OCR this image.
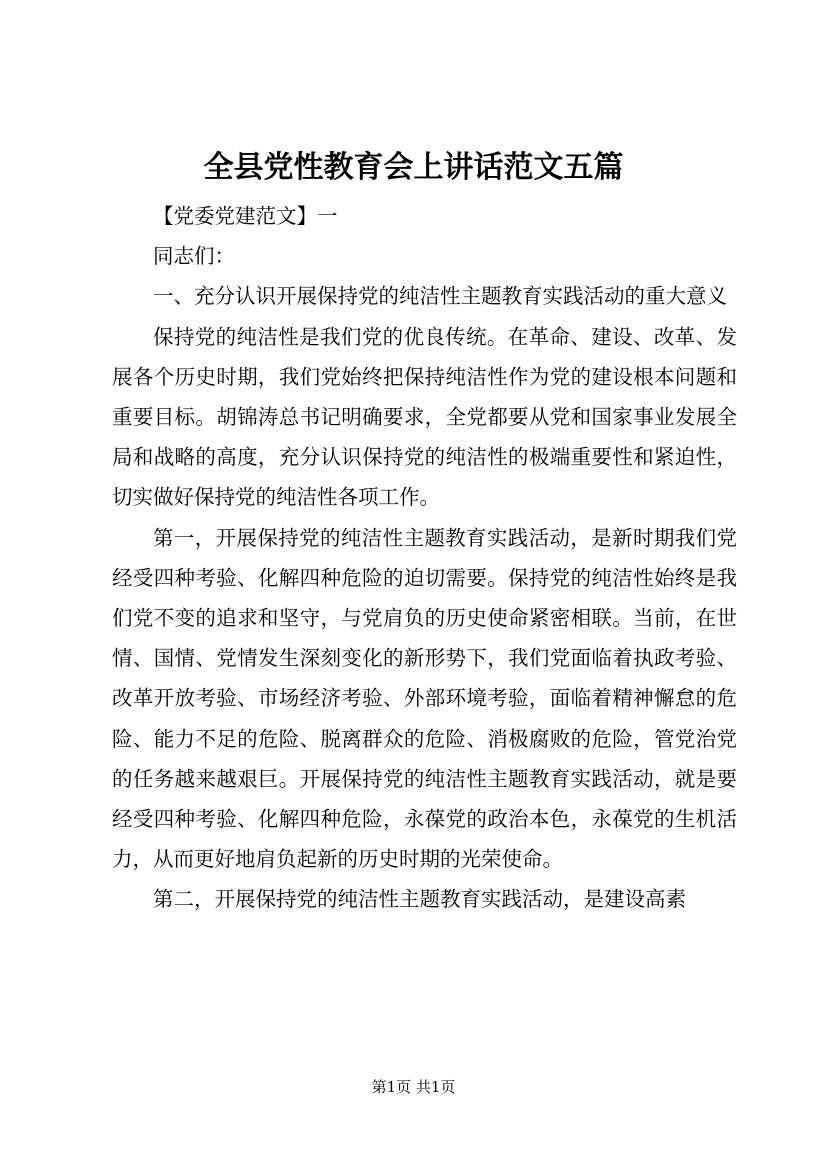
全县党性教育会上讲话范文五篇

【党委党建范文】一

同志们：

一、充分认识开展保持党的纯洁性主题教育实践活动的重大意义

保持党的纯洁性是我们党的优良传统。在革命、建设、改革、发展各个历史时期，我们党始终把保持纯洁性作为党的建设根本问题和重要目标。胡锦涛总书记明确要求，全党都要从党和国家事业发展全局和战略的高度，充分认识保持党的纯洁性的极端重要性和紧迫性，切实做好保持党的纯洁性各项工作。

第一，开展保持党的纯洁性主题教育实践活动，是新时期我们党经受四种考验、化解四种危险的迫切需要。保持党的纯洁性始终是我们党不变的追求和坚守，与党肩负的历史使命紧密相联。当前，在世情、国情、党情发生深刻变化的新形势下，我们党面临着执政考验、改革开放考验、市场经济考验、外部环境考验，面临着精神懈怠的危险、能力不足的危险、脱离群众的危险、消极腐败的危险，管党治党的任务越来越艰巨。开展保持党的纯洁性主题教育实践活动，就是要经受四种考验、化解四种危险，永葆党的政治本色，永葆党的生机活力，从而更好地肩负起新的历史时期的光荣使命。

第二，开展保持党的纯洁性主题教育实践活动，是建设高素

第1页 共1页
